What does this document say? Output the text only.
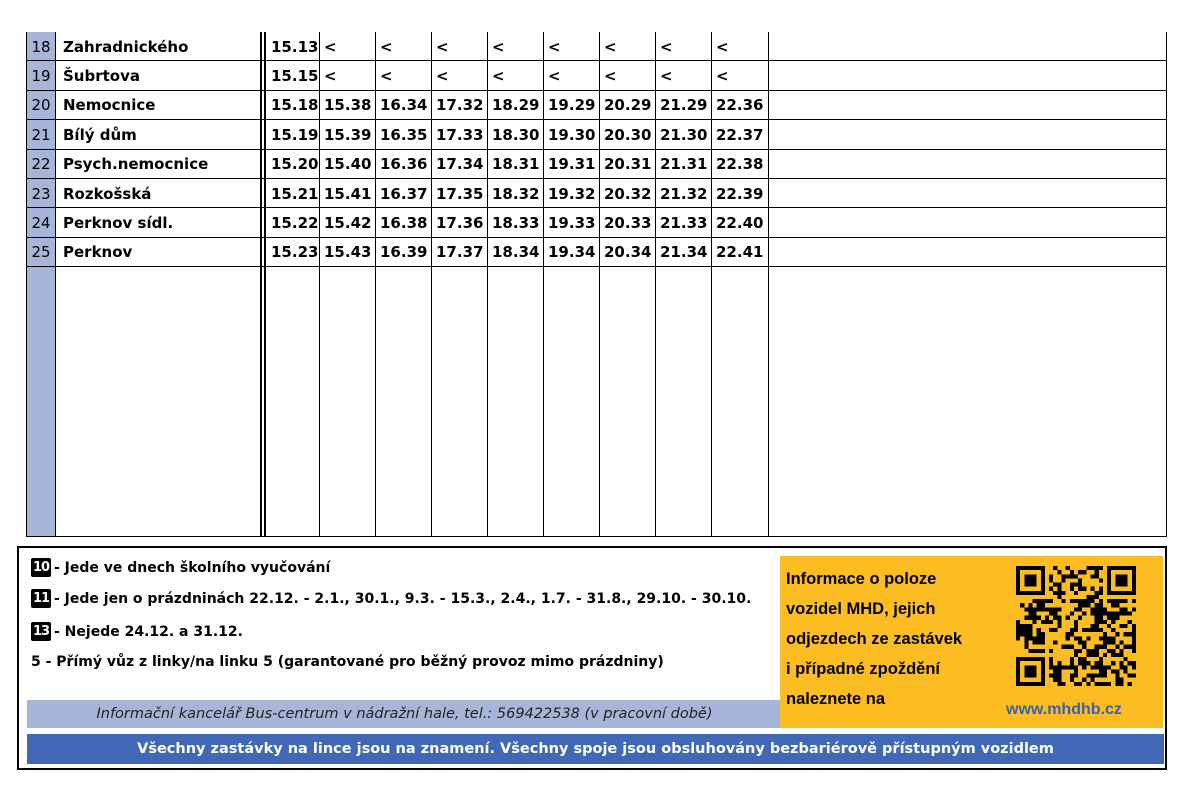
18 Zahradnického	15.13 <	<	<	<	<	<	<	<
19 Šubrtova	15.15 <	<	<	<	<	<	<	<
20 Nemocnice	15.18 15.38 16.34 17.32 18.29 19.29 20.29 21.29 22.36
21 Bílý dům	15.19 15.39 16.35 17.33 18.30 19.30 20.30 21.30 22.37
22 Psych.nemocnice	15.20 15.40 16.36 17.34 18.31 19.31 20.31 21.31 22.38
23 Rozkošská	15.21 15.41 16.37 17.35 18.32 19.32 20.32 21.32 22.39
24 Perknov sídl.	15.22 15.42 16.38 17.36 18.33 19.33 20.33 21.33 22.40
25 Perknov	15.23 15.43 16.39 17.37 18.34 19.34 20.34 21.34 22.41
10 - Jede ve dnech školního vyučování
11 - Jede jen o prázdninách 22.12. - 2.1., 30.1., 9.3. - 15.3., 2.4., 1.7. - 31.8., 29.10. - 30.10.
13 - Nejede 24.12. a 31.12.
5 - Přímý vůz z linky/na linku 5 (garantované pro běžný provoz mimo prázdniny)
Informační kancelář Bus-centrum v nádražní hale, tel.: 569422538 (v pracovní době)
Informace o poloze
vozidel MHD, jejich
odjezdech ze zastávek
i případné zpoždění
naleznete na
www.mhdhb.cz
Všechny zastávky na lince jsou na znamení. Všechny spoje jsou obsluhovány bezbariérově přístupným vozidlem
